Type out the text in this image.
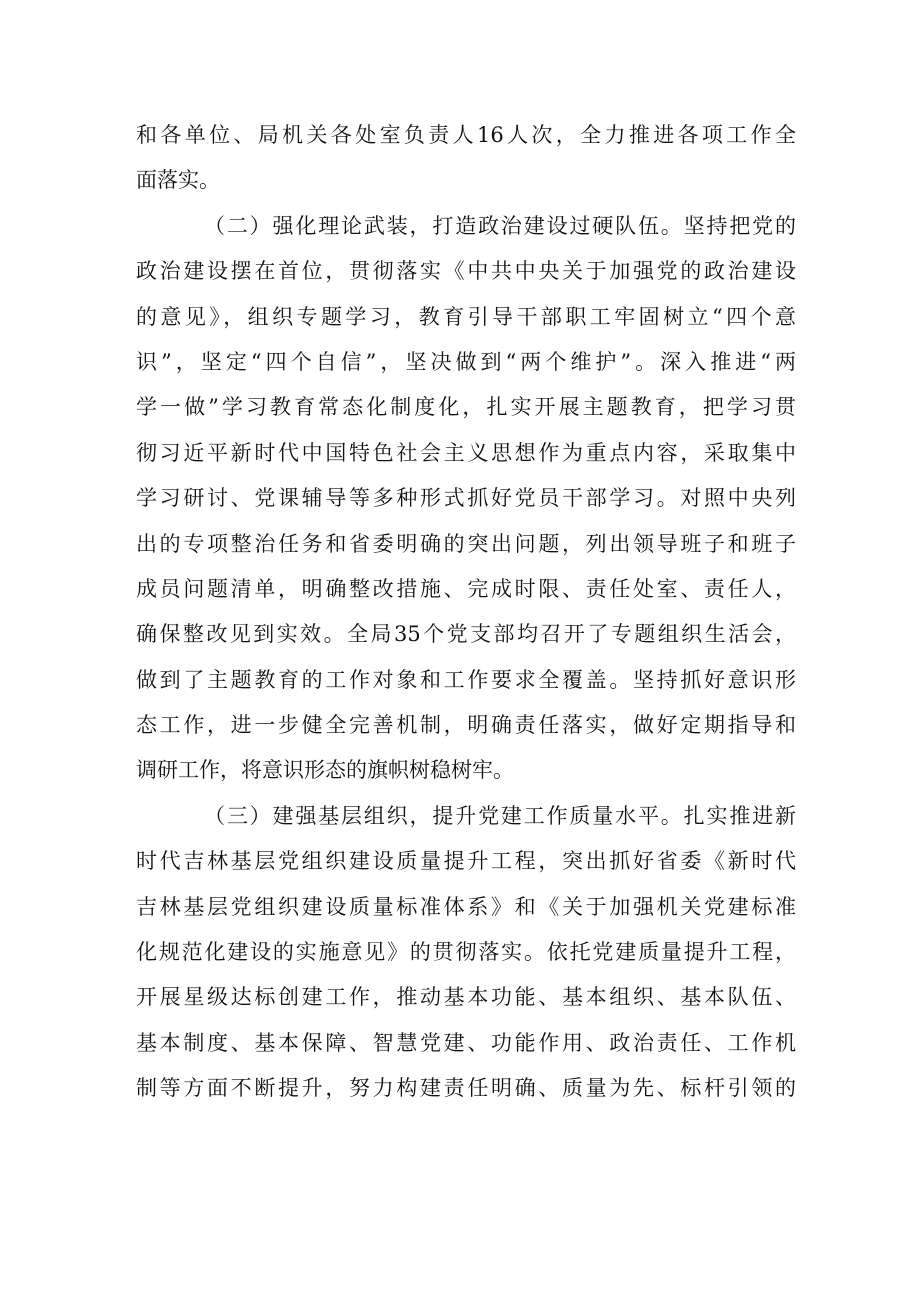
和各单位、局机关各处室负责人16人次，全力推进各项工作全
面落实。
（二）强化理论武装，打造政治建设过硬队伍。坚持把党的
政治建设摆在首位，贯彻落实《中共中央关于加强党的政治建设
的意见》，组织专题学习，教育引导干部职工牢固树立“四个意
识”，坚定“四个自信”，坚决做到“两个维护”。深入推进“两
学一做”学习教育常态化制度化，扎实开展主题教育，把学习贯
彻习近平新时代中国特色社会主义思想作为重点内容，采取集中
学习研讨、党课辅导等多种形式抓好党员干部学习。对照中央列
出的专项整治任务和省委明确的突出问题，列出领导班子和班子
成员问题清单，明确整改措施、完成时限、责任处室、责任人，
确保整改见到实效。全局35个党支部均召开了专题组织生活会，
做到了主题教育的工作对象和工作要求全覆盖。坚持抓好意识形
态工作，进一步健全完善机制，明确责任落实，做好定期指导和
调研工作，将意识形态的旗帜树稳树牢。
（三）建强基层组织，提升党建工作质量水平。扎实推进新
时代吉林基层党组织建设质量提升工程，突出抓好省委《新时代
吉林基层党组织建设质量标准体系》和《关于加强机关党建标准
化规范化建设的实施意见》的贯彻落实。依托党建质量提升工程，
开展星级达标创建工作，推动基本功能、基本组织、基本队伍、
基本制度、基本保障、智慧党建、功能作用、政治责任、工作机
制等方面不断提升，努力构建责任明确、质量为先、标杆引领的
